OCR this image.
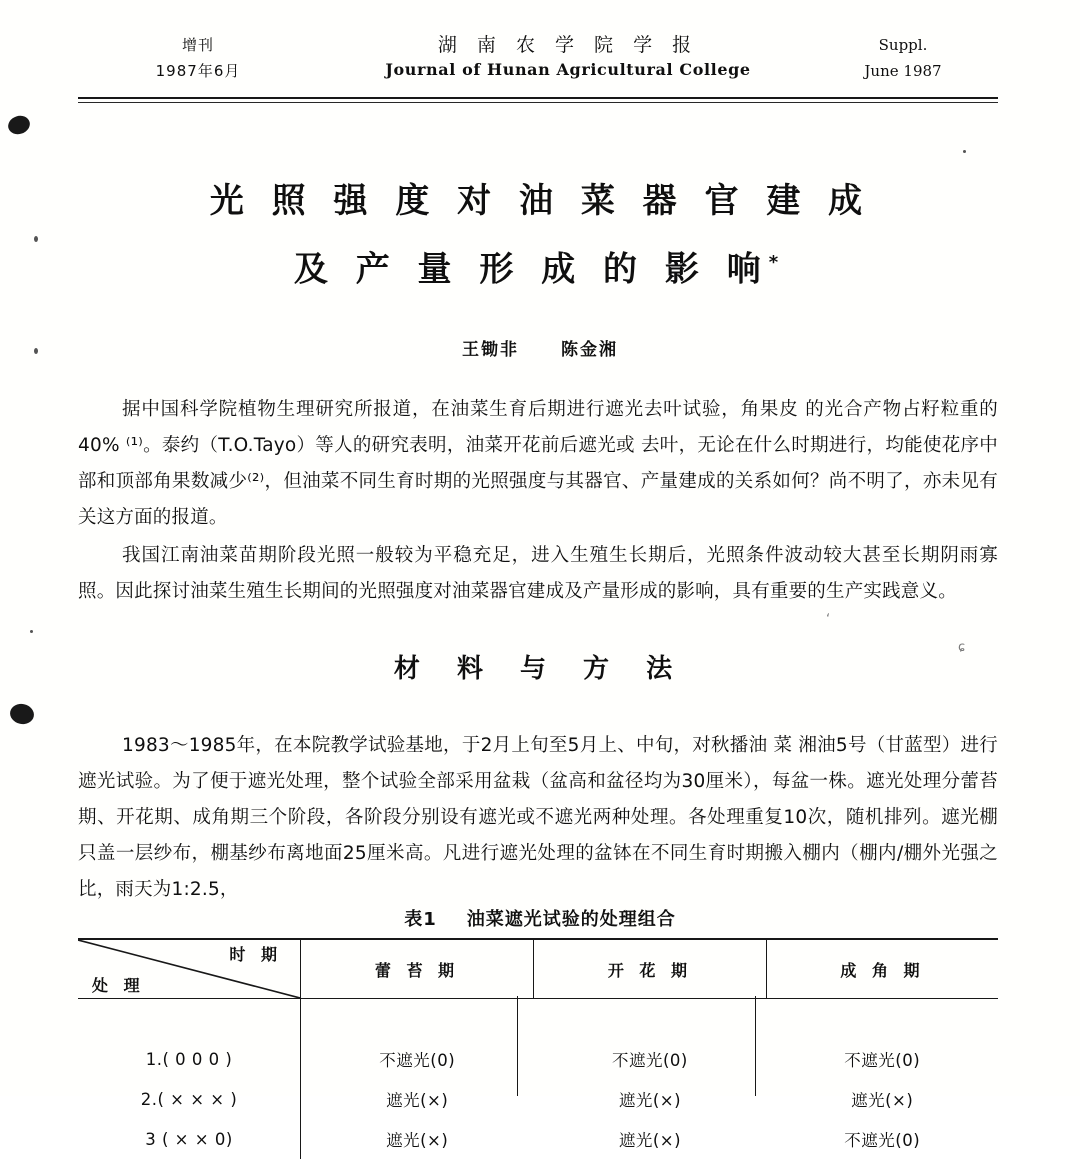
增刊
1987年6月
湖 南 农 学 院 学 报
Journal of Hunan Agricultural College
Suppl.
June 1987
光 照 强 度 对 油 菜 器 官 建 成
及 产 量 形 成 的 影 响*
王锄非 陈金湘

据中国科学院植物生理研究所报道，在油菜生育后期进行遮光去叶试验，角果皮 的光合产物占籽粒重的40% ⁽¹⁾。泰约（T.O.Tayo）等人的研究表明，油菜开花前后遮光或 去叶，无论在什么时期进行，均能使花序中部和顶部角果数减少⁽²⁾，但油菜不同生育时期的光照强度与其器官、产量建成的关系如何？尚不明了，亦未见有关这方面的报道。

我国江南油菜苗期阶段光照一般较为平稳充足，进入生殖生长期后，光照条件波动较大甚至长期阴雨寡照。因此探讨油菜生殖生长期间的光照强度对油菜器官建成及产量形成的影响，具有重要的生产实践意义。

材 料 与 方 法

1983～1985年，在本院教学试验基地，于2月上旬至5月上、中旬，对秋播油 菜 湘油5号（甘蓝型）进行遮光试验。为了便于遮光处理，整个试验全部采用盆栽（盆高和盆径均为30厘米），每盆一株。遮光处理分蕾苔期、开花期、成角期三个阶段，各阶段分别设有遮光或不遮光两种处理。各处理重复10次，随机排列。遮光棚只盖一层纱布，棚基纱布离地面25厘米高。凡进行遮光处理的盆钵在不同生育时期搬入棚内（棚内/棚外光强之比，雨天为1:2.5，

表1 油菜遮光试验的处理组合
时 期
处 理	蕾 苔 期	开 花 期	成 角 期

1.( 0 0 0 )	不遮光(0)	不遮光(0)	不遮光(0)
2.( × × × )	遮光(×)	遮光(×)	遮光(×)
3 ( × × 0)	遮光(×)	遮光(×)	不遮光(0)
ʻ
ɕ
